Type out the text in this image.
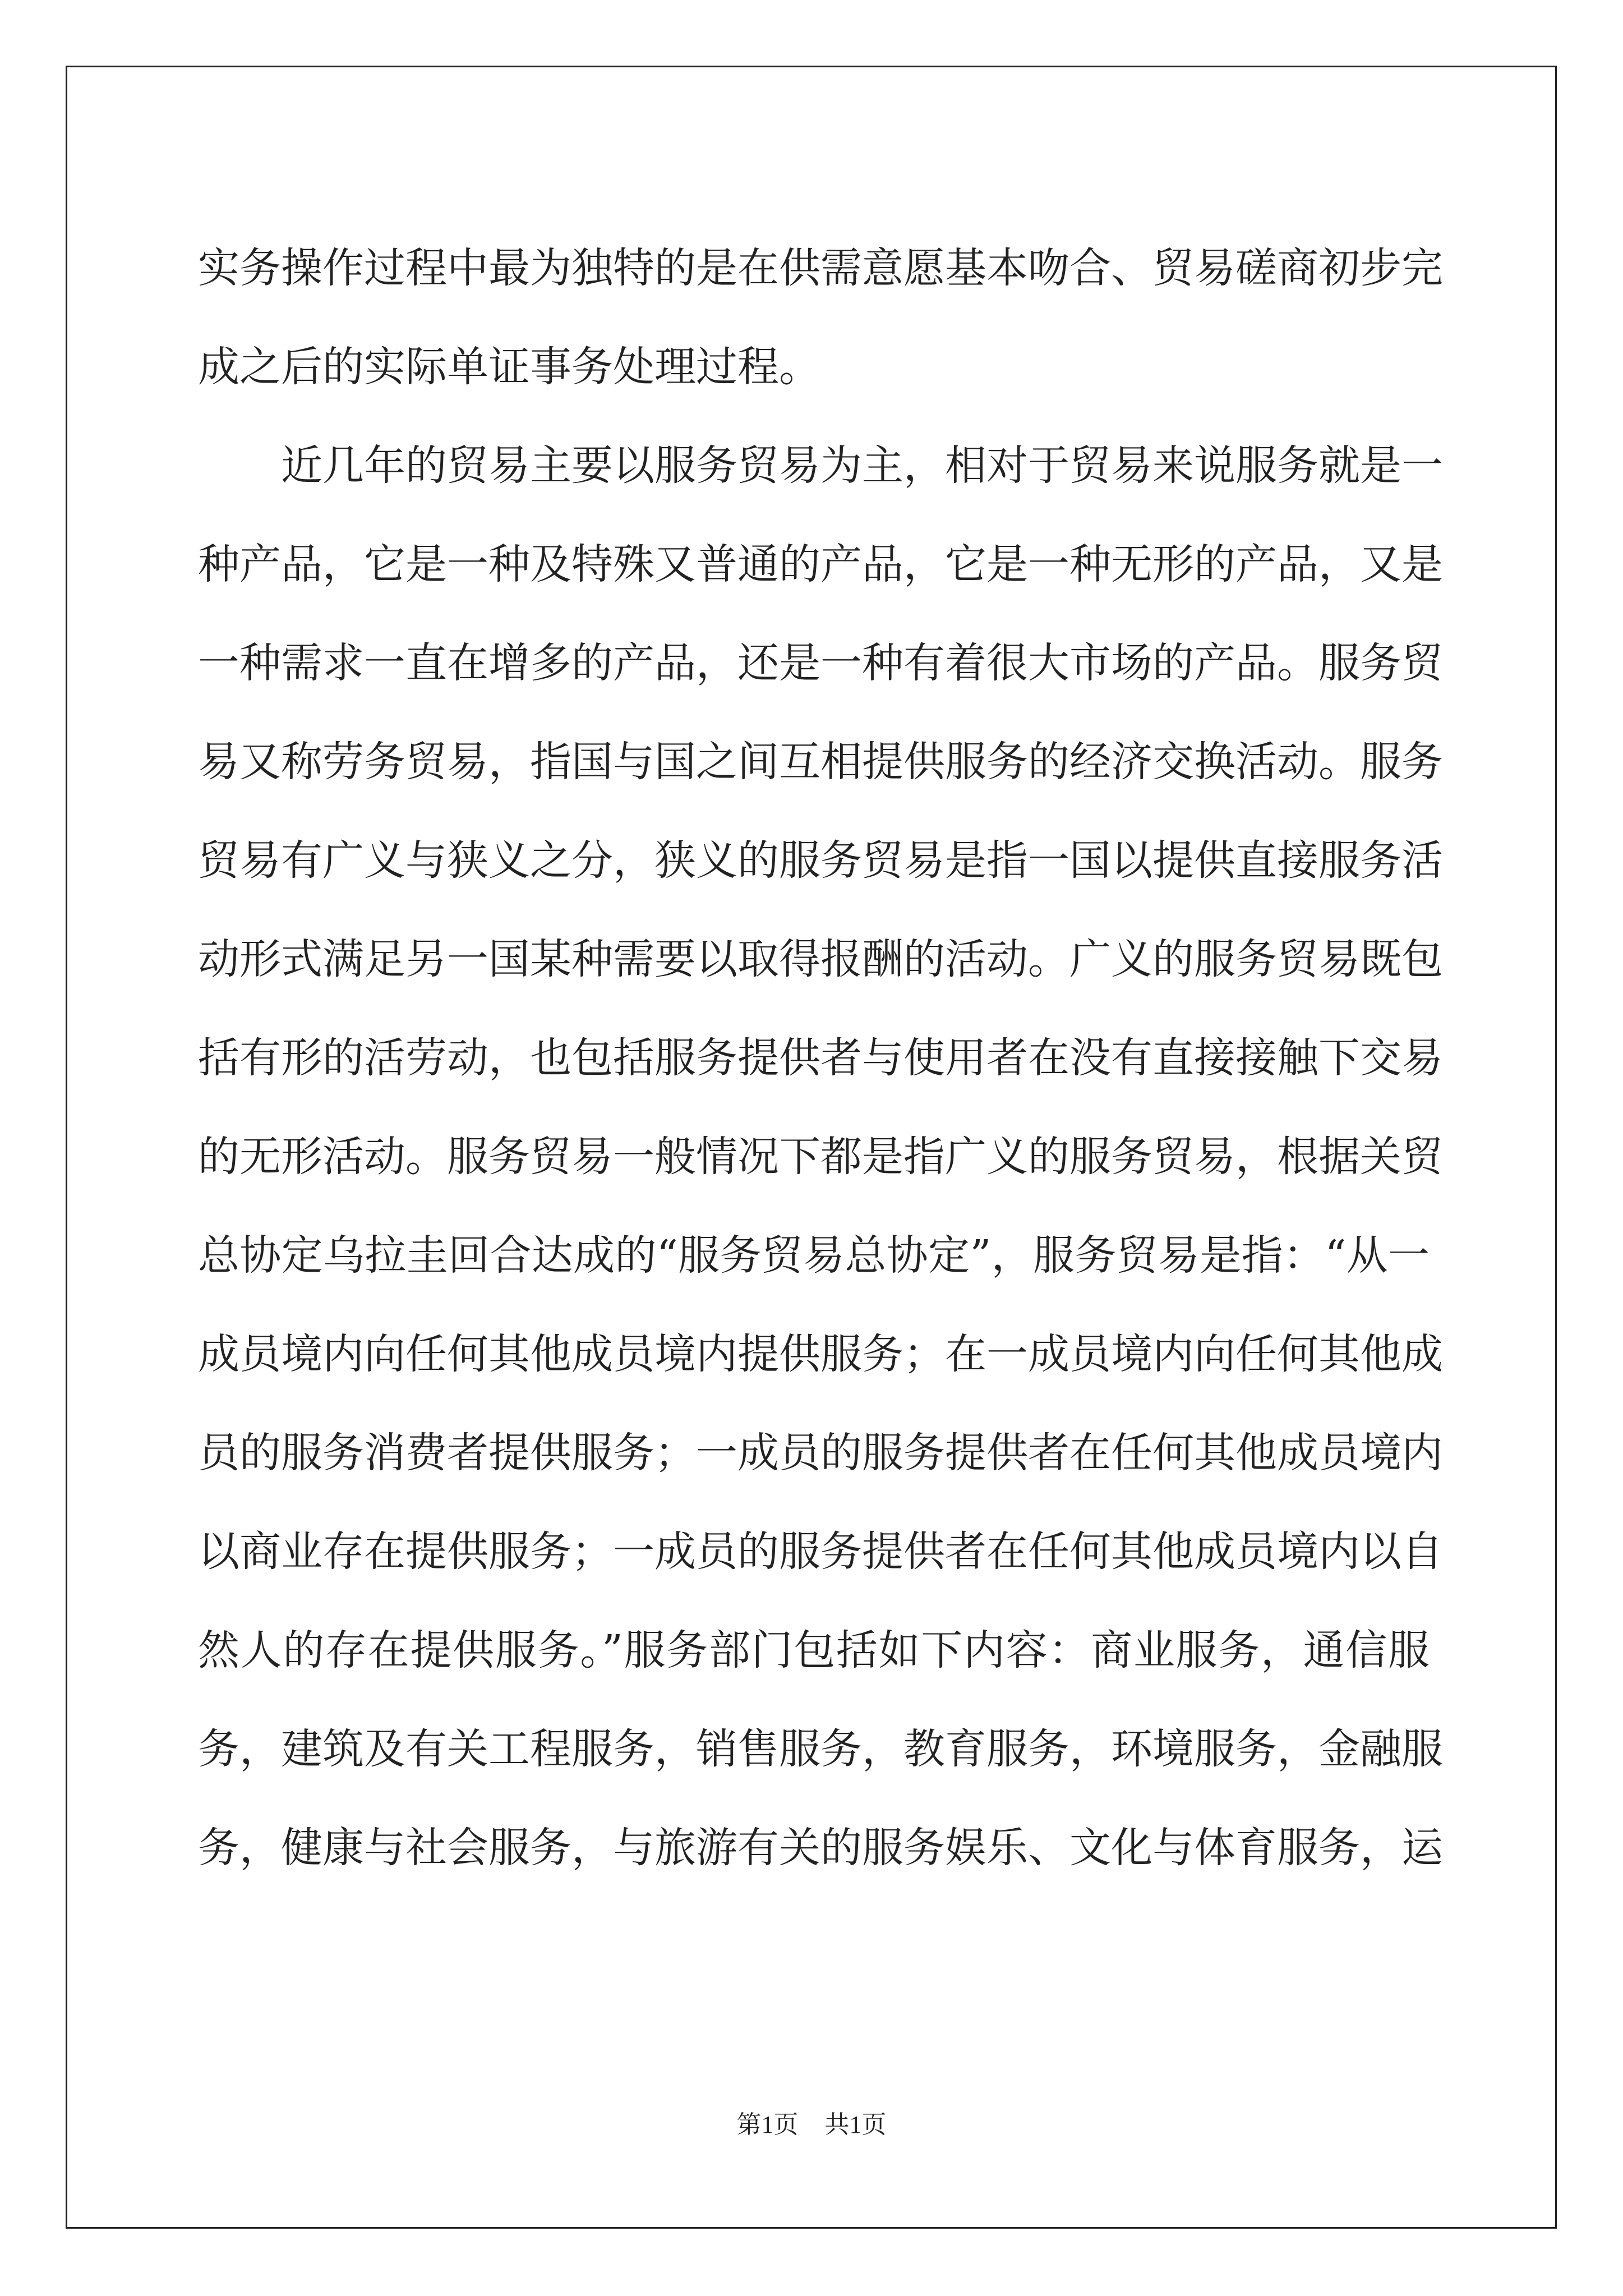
实务操作过程中最为独特的是在供需意愿基本吻合、贸易磋商初步完
成之后的实际单证事务处理过程。
近几年的贸易主要以服务贸易为主，相对于贸易来说服务就是一
种产品，它是一种及特殊又普通的产品，它是一种无形的产品，又是
一种需求一直在增多的产品，还是一种有着很大市场的产品。服务贸
易又称劳务贸易，指国与国之间互相提供服务的经济交换活动。服务
贸易有广义与狭义之分，狭义的服务贸易是指一国以提供直接服务活
动形式满足另一国某种需要以取得报酬的活动。广义的服务贸易既包
括有形的活劳动，也包括服务提供者与使用者在没有直接接触下交易
的无形活动。服务贸易一般情况下都是指广义的服务贸易，根据关贸
总协定乌拉圭回合达成的“服务贸易总协定”，服务贸易是指：“从一
成员境内向任何其他成员境内提供服务；在一成员境内向任何其他成
员的服务消费者提供服务；一成员的服务提供者在任何其他成员境内
以商业存在提供服务；一成员的服务提供者在任何其他成员境内以自
然人的存在提供服务。”服务部门包括如下内容：商业服务，通信服
务，建筑及有关工程服务，销售服务，教育服务，环境服务，金融服
务，健康与社会服务，与旅游有关的服务娱乐、文化与体育服务，运
第1页 共1页
